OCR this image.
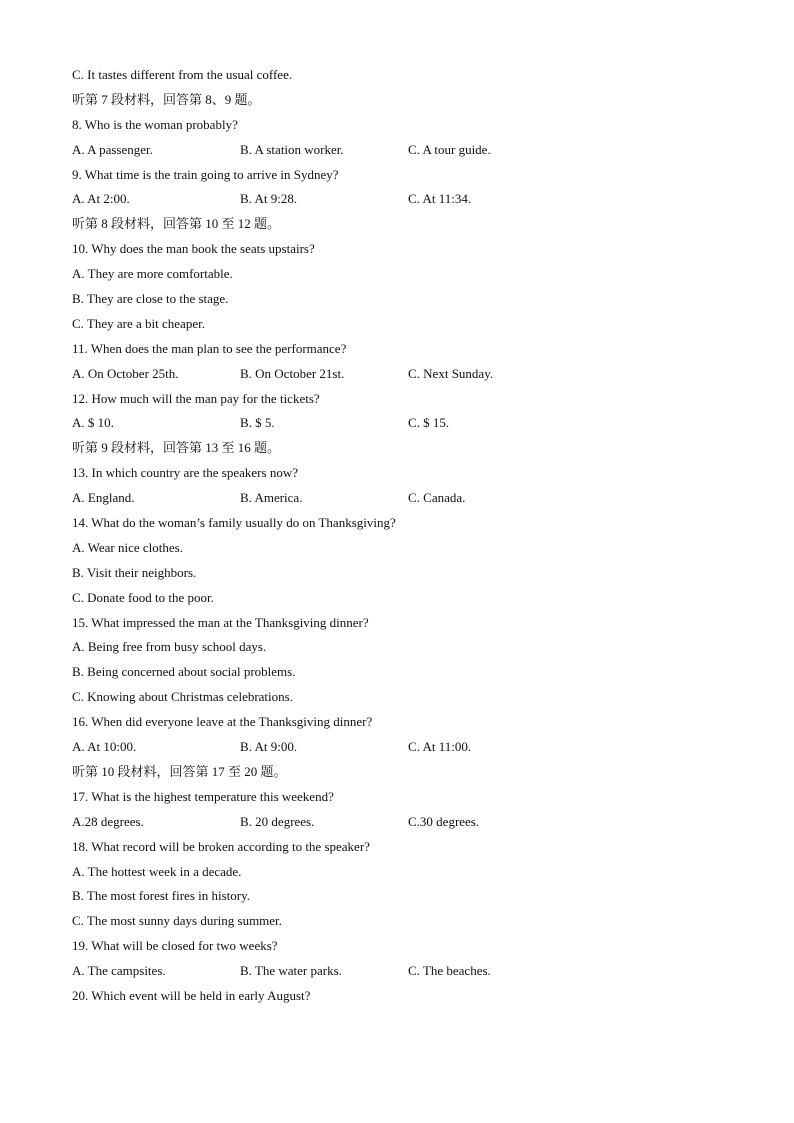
C. It tastes different from the usual coffee.
听第 7 段材料，回答第 8、9 题。
8. Who is the woman probably?
A. A passenger.	B. A station worker.	C. A tour guide.
9. What time is the train going to arrive in Sydney?
A. At 2:00.	B. At 9:28.	C. At 11:34.
听第 8 段材料，回答第 10 至 12 题。
10. Why does the man book the seats upstairs?
A. They are more comfortable.
B. They are close to the stage.
C. They are a bit cheaper.
11. When does the man plan to see the performance?
A. On October 25th.	B. On October 21st.	C. Next Sunday.
12. How much will the man pay for the tickets?
A. $ 10.	B. $ 5.	C. $ 15.
听第 9 段材料，回答第 13 至 16 题。
13. In which country are the speakers now?
A. England.	B. America.	C. Canada.
14. What do the woman’s family usually do on Thanksgiving?
A. Wear nice clothes.
B. Visit their neighbors.
C. Donate food to the poor.
15. What impressed the man at the Thanksgiving dinner?
A. Being free from busy school days.
B. Being concerned about social problems.
C. Knowing about Christmas celebrations.
16. When did everyone leave at the Thanksgiving dinner?
A. At 10:00.	B. At 9:00.	C. At 11:00.
听第 10 段材料，回答第 17 至 20 题。
17. What is the highest temperature this weekend?
A.28 degrees.	B. 20 degrees.	C.30 degrees.
18. What record will be broken according to the speaker?
A. The hottest week in a decade.
B. The most forest fires in history.
C. The most sunny days during summer.
19. What will be closed for two weeks?
A. The campsites.	B. The water parks.	C. The beaches.
20. Which event will be held in early August?
